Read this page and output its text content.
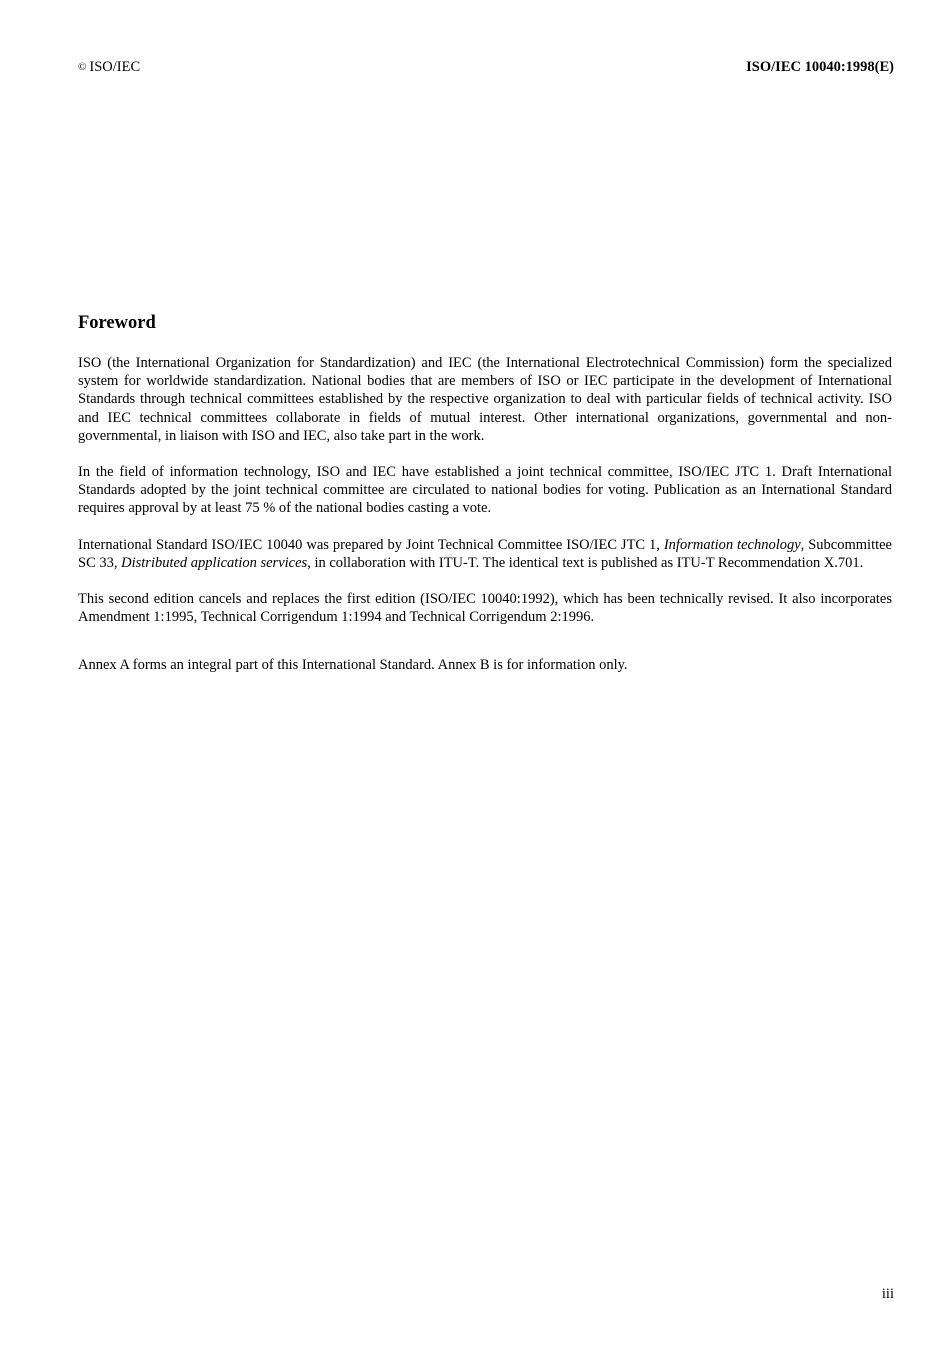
© ISO/IEC	ISO/IEC 10040:1998(E)
Foreword

ISO (the International Organization for Standardization) and IEC (the International Electrotechnical Commission) form the specialized system for worldwide standardization. National bodies that are members of ISO or IEC participate in the development of International Standards through technical committees established by the respective organization to deal with particular fields of technical activity. ISO and IEC technical committees collaborate in fields of mutual interest. Other international organizations, governmental and non-governmental, in liaison with ISO and IEC, also take part in the work.

In the field of information technology, ISO and IEC have established a joint technical committee, ISO/IEC JTC 1. Draft International Standards adopted by the joint technical committee are circulated to national bodies for voting. Publication as an International Standard requires approval by at least 75 % of the national bodies casting a vote.

International Standard ISO/IEC 10040 was prepared by Joint Technical Committee ISO/IEC JTC 1, Information technology, Subcommittee SC 33, Distributed application services, in collaboration with ITU-T. The identical text is published as ITU-T Recommendation X.701.

This second edition cancels and replaces the first edition (ISO/IEC 10040:1992), which has been technically revised. It also incorporates Amendment 1:1995, Technical Corrigendum 1:1994 and Technical Corrigendum 2:1996.

Annex A forms an integral part of this International Standard. Annex B is for information only.

iii
